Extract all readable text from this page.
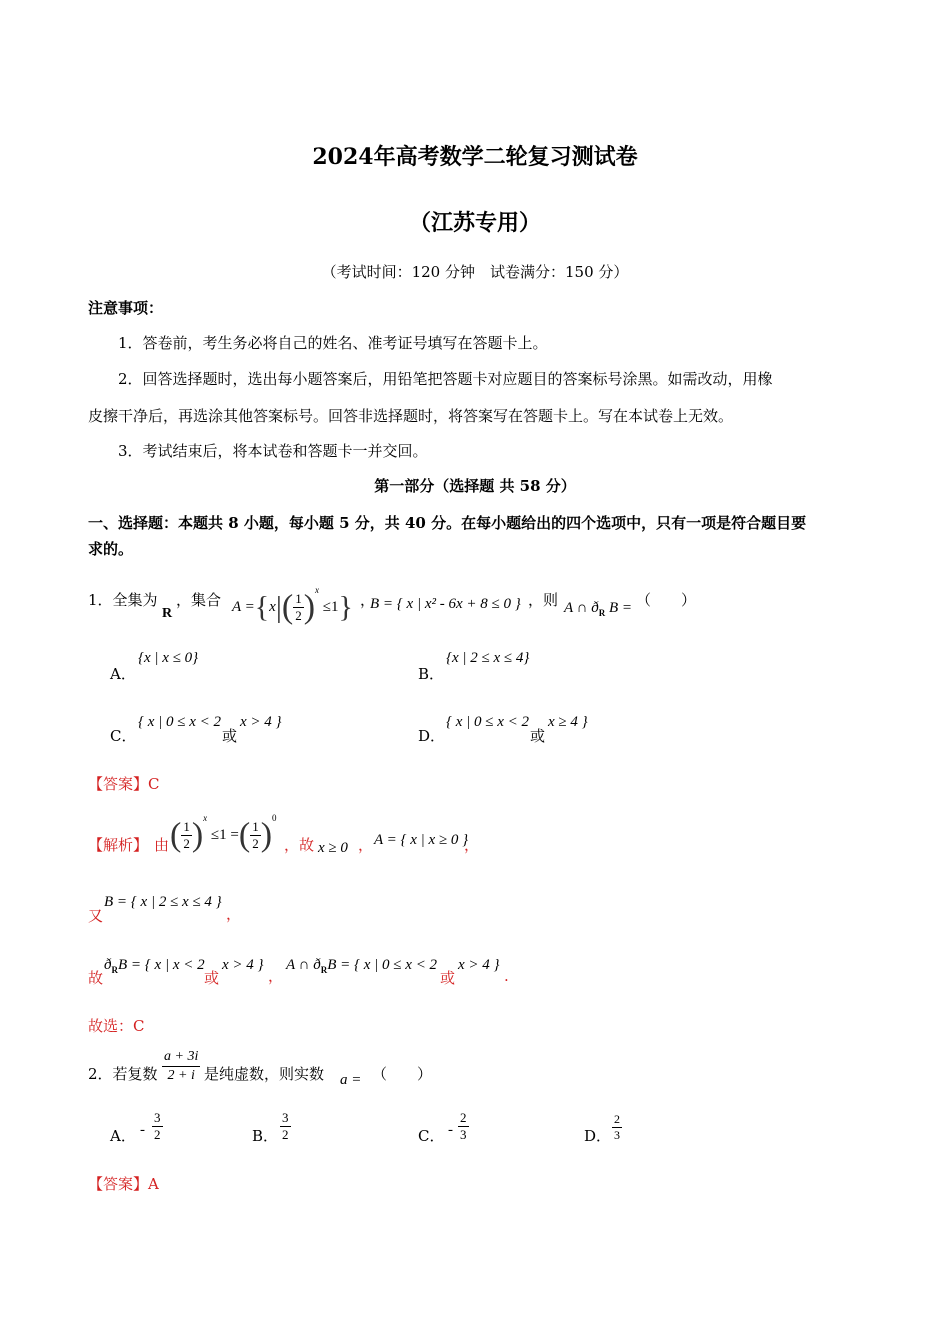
2024年高考数学二轮复习测试卷
（江苏专用）
（考试时间：120 分钟　试卷满分：150 分）
注意事项：
1．答卷前，考生务必将自己的姓名、准考证号填写在答题卡上。
2．回答选择题时，选出每小题答案后，用铅笔把答题卡对应题目的答案标号涂黑。如需改动，用橡
皮擦干净后，再选涂其他答案标号。回答非选择题时，将答案写在答题卡上。写在本试卷上无效。
3．考试结束后，将本试卷和答题卡一并交回。
第一部分（选择题 共 58 分）
一、选择题：本题共 8 小题，每小题 5 分，共 40 分。在每小题给出的四个选项中，只有一项是符合题目要
求的。
1．全集为
R
，集合 $A =\{x|( \frac{1}{2} )^x \le 1\}$ ，
B = { x | x² - 6x + 8 ≤ 0 } ，则 A ∩ $ð_R$ B = （　　）
A．
{x | x ≤ 0}
B．
{x | 2 ≤ x ≤ 4}
C．
{ x | 0 ≤ x < 2
或
x > 4 }
D．
{ x | 0 ≤ x < 2
或
x ≥ 4 }
【答案】C
【解析】 由 ( $\frac{1}{2} )^x \le 1$ =( $\frac{1}{2} )^0$
，故 x ≥ 0 ， A = { x | x ≥ 0 }
，
又
B = { x | 2 ≤ x ≤ 4 }
，
故
$ð_RB$ = { x | x < 2
或
x > 4 }
，
A ∩ $ð_RB$ = { x | 0 ≤ x < 2
或
x > 4 }
.
故选：C
2．若复数 $\frac{a + 3i}{2 + i}$ 是纯虚数，则实数 a = （　　）
A． - $\frac{3}{2}$	B． $\frac{3}{2}$	C． - $\frac{2}{3}$	D． $\frac{2}{3}$
【答案】A
